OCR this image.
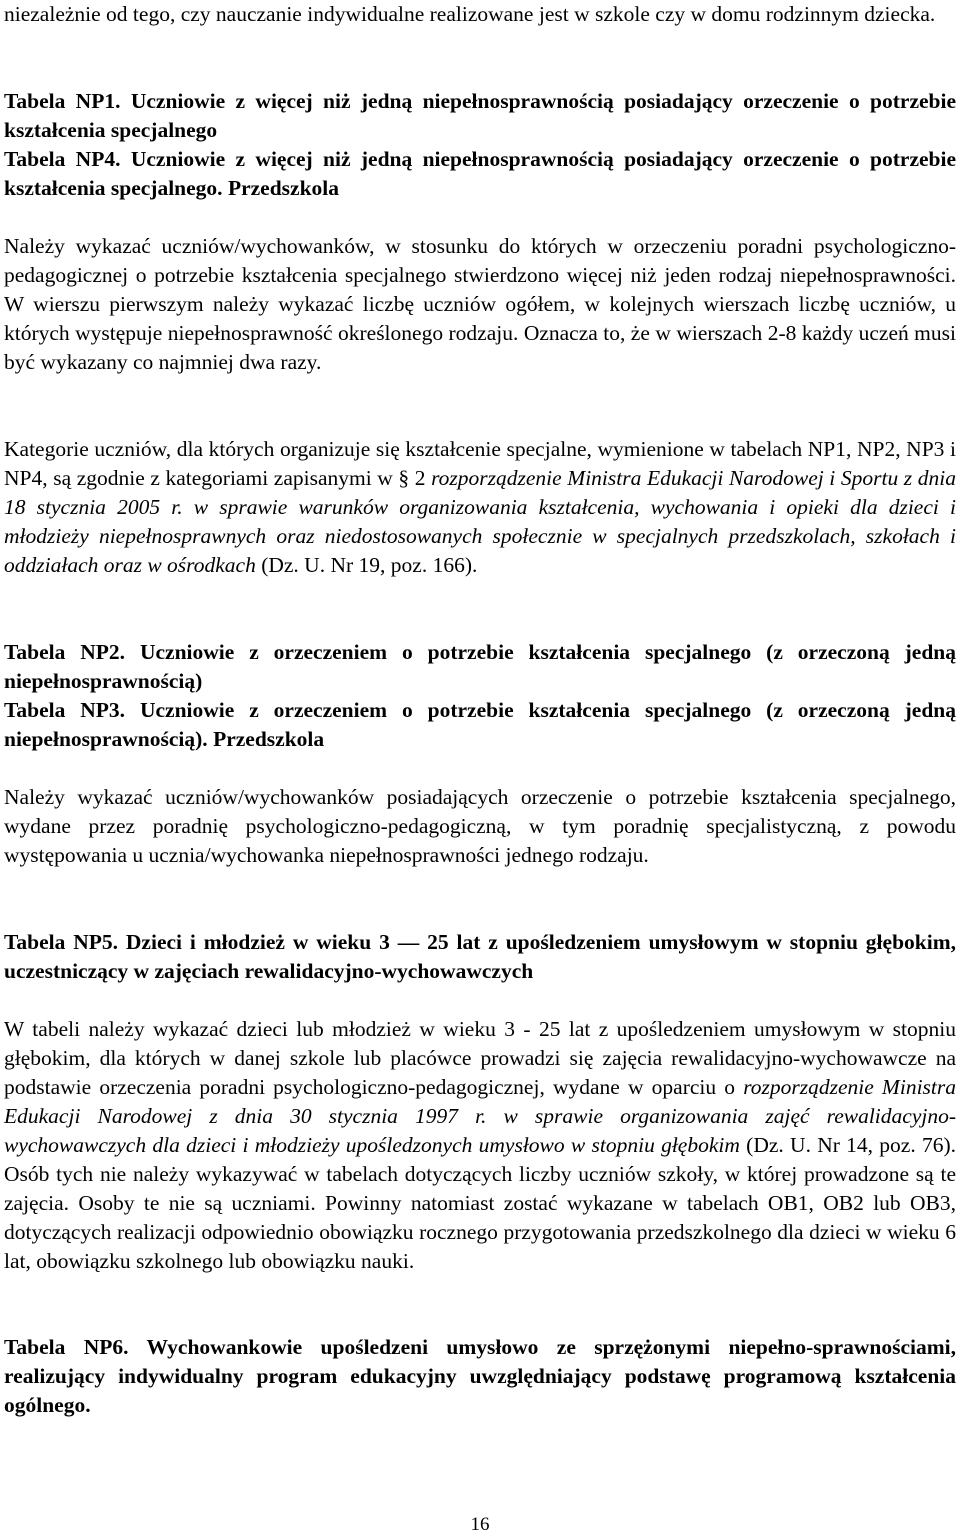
niezależnie od tego, czy nauczanie indywidualne realizowane jest w szkole czy w domu rodzinnym dziecka.

Tabela NP1. Uczniowie z więcej niż jedną niepełnosprawnością posiadający orzeczenie o potrzebie kształcenia specjalnego

Tabela NP4. Uczniowie z więcej niż jedną niepełnosprawnością posiadający orzeczenie o potrzebie kształcenia specjalnego. Przedszkola

Należy wykazać uczniów/wychowanków, w stosunku do których w orzeczeniu poradni psychologiczno-pedagogicznej o potrzebie kształcenia specjalnego stwierdzono więcej niż jeden rodzaj niepełnosprawności. W wierszu pierwszym należy wykazać liczbę uczniów ogółem, w kolejnych wierszach liczbę uczniów, u których występuje niepełnosprawność określonego rodzaju. Oznacza to, że w wierszach 2-8 każdy uczeń musi być wykazany co najmniej dwa razy.

Kategorie uczniów, dla których organizuje się kształcenie specjalne, wymienione w tabelach NP1, NP2, NP3 i NP4, są zgodnie z kategoriami zapisanymi w § 2 rozporządzenie Ministra Edukacji Narodowej i Sportu z dnia 18 stycznia 2005 r. w sprawie warunków organizowania kształcenia, wychowania i opieki dla dzieci i młodzieży niepełnosprawnych oraz niedostosowanych społecznie w specjalnych przedszkolach, szkołach i oddziałach oraz w ośrodkach (Dz. U. Nr 19, poz. 166).

Tabela NP2. Uczniowie z orzeczeniem o potrzebie kształcenia specjalnego (z orzeczoną jedną niepełnosprawnością)

Tabela NP3. Uczniowie z orzeczeniem o potrzebie kształcenia specjalnego (z orzeczoną jedną niepełnosprawnością). Przedszkola

Należy wykazać uczniów/wychowanków posiadających orzeczenie o potrzebie kształcenia specjalnego, wydane przez poradnię psychologiczno-pedagogiczną, w tym poradnię specjalistyczną, z powodu występowania u ucznia/wychowanka niepełnosprawności jednego rodzaju.

Tabela NP5. Dzieci i młodzież w wieku 3 — 25 lat z upośledzeniem umysłowym w stopniu głębokim, uczestniczący w zajęciach rewalidacyjno-wychowawczych

W tabeli należy wykazać dzieci lub młodzież w wieku 3 - 25 lat z upośledzeniem umysłowym w stopniu głębokim, dla których w danej szkole lub placówce prowadzi się zajęcia rewalidacyjno-wychowawcze na podstawie orzeczenia poradni psychologiczno-pedagogicznej, wydane w oparciu o rozporządzenie Ministra Edukacji Narodowej z dnia 30 stycznia 1997 r. w sprawie organizowania zajęć rewalidacyjno-wychowawczych dla dzieci i młodzieży upośledzonych umysłowo w stopniu głębokim (Dz. U. Nr 14, poz. 76). Osób tych nie należy wykazywać w tabelach dotyczących liczby uczniów szkoły, w której prowadzone są te zajęcia. Osoby te nie są uczniami. Powinny natomiast zostać wykazane w tabelach OB1, OB2 lub OB3, dotyczących realizacji odpowiednio obowiązku rocznego przygotowania przedszkolnego dla dzieci w wieku 6 lat, obowiązku szkolnego lub obowiązku nauki.

Tabela NP6. Wychowankowie upośledzeni umysłowo ze sprzężonymi niepełno-sprawnościami, realizujący indywidualny program edukacyjny uwzględniający podstawę programową kształcenia ogólnego.

16
